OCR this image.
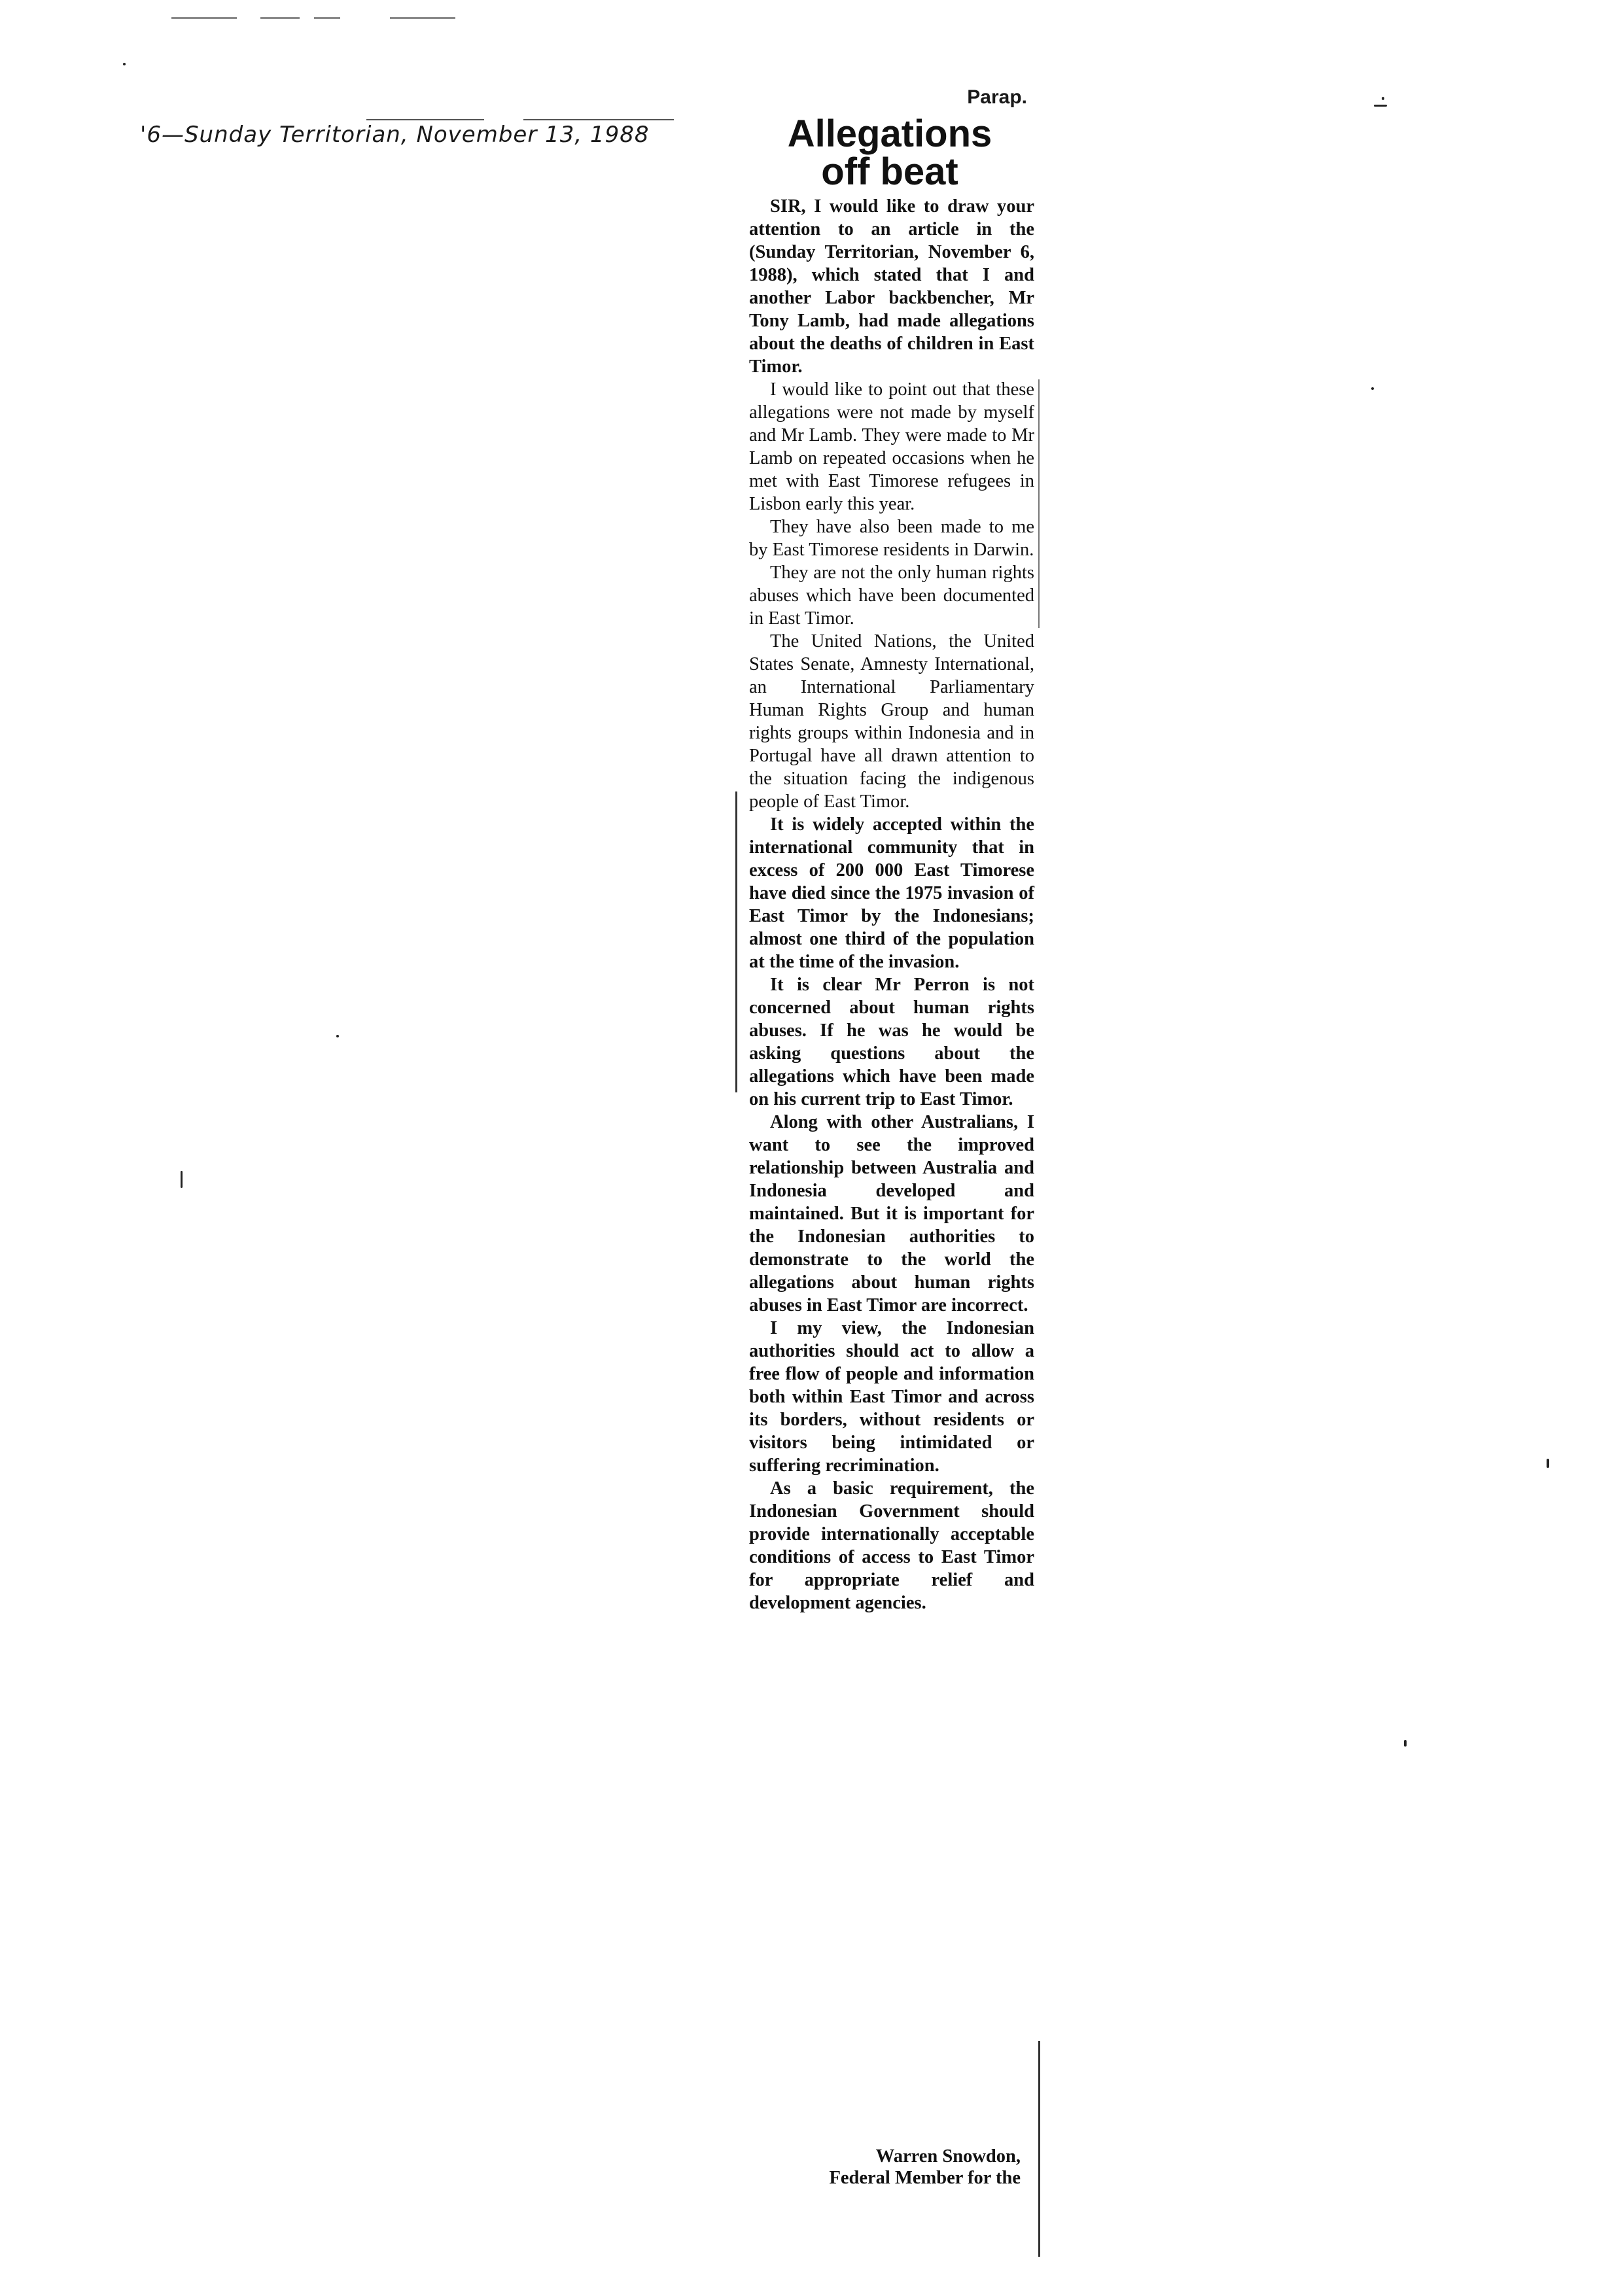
'6—Sunday Territorian, November 13, 1988
Parap.
Allegations
off beat

SIR, I would like to draw your attention to an article in the (Sunday Territorian, November 6, 1988), which stated that I and another Labor backbencher, Mr Tony Lamb, had made allegations about the deaths of children in East Timor.

I would like to point out that these allegations were not made by myself and Mr Lamb. They were made to Mr Lamb on repeated occasions when he met with East Timorese refugees in Lisbon early this year.

They have also been made to me by East Timorese residents in Darwin.

They are not the only human rights abuses which have been documented in East Timor.

The United Nations, the United States Senate, Amnesty International, an International Parliamentary Human Rights Group and human rights groups within Indonesia and in Portugal have all drawn attention to the situation facing the indigenous people of East Timor.

It is widely accepted within the international community that in excess of 200 000 East Timorese have died since the 1975 invasion of East Timor by the Indonesians; almost one third of the population at the time of the invasion.

It is clear Mr Perron is not concerned about human rights abuses. If he was he would be asking questions about the allegations which have been made on his current trip to East Timor.

Along with other Australians, I want to see the improved relationship between Australia and Indonesia developed and maintained. But it is important for the Indonesian authorities to demonstrate to the world the allegations about human rights abuses in East Timor are incorrect.

I my view, the Indonesian authorities should act to allow a free flow of people and information both within East Timor and across its borders, without residents or visitors being intimidated or suffering recrimination.

As a basic requirement, the Indonesian Government should provide internationally acceptable conditions of access to East Timor for appropriate relief and development agencies.

Warren Snowdon,
Federal Member for the
